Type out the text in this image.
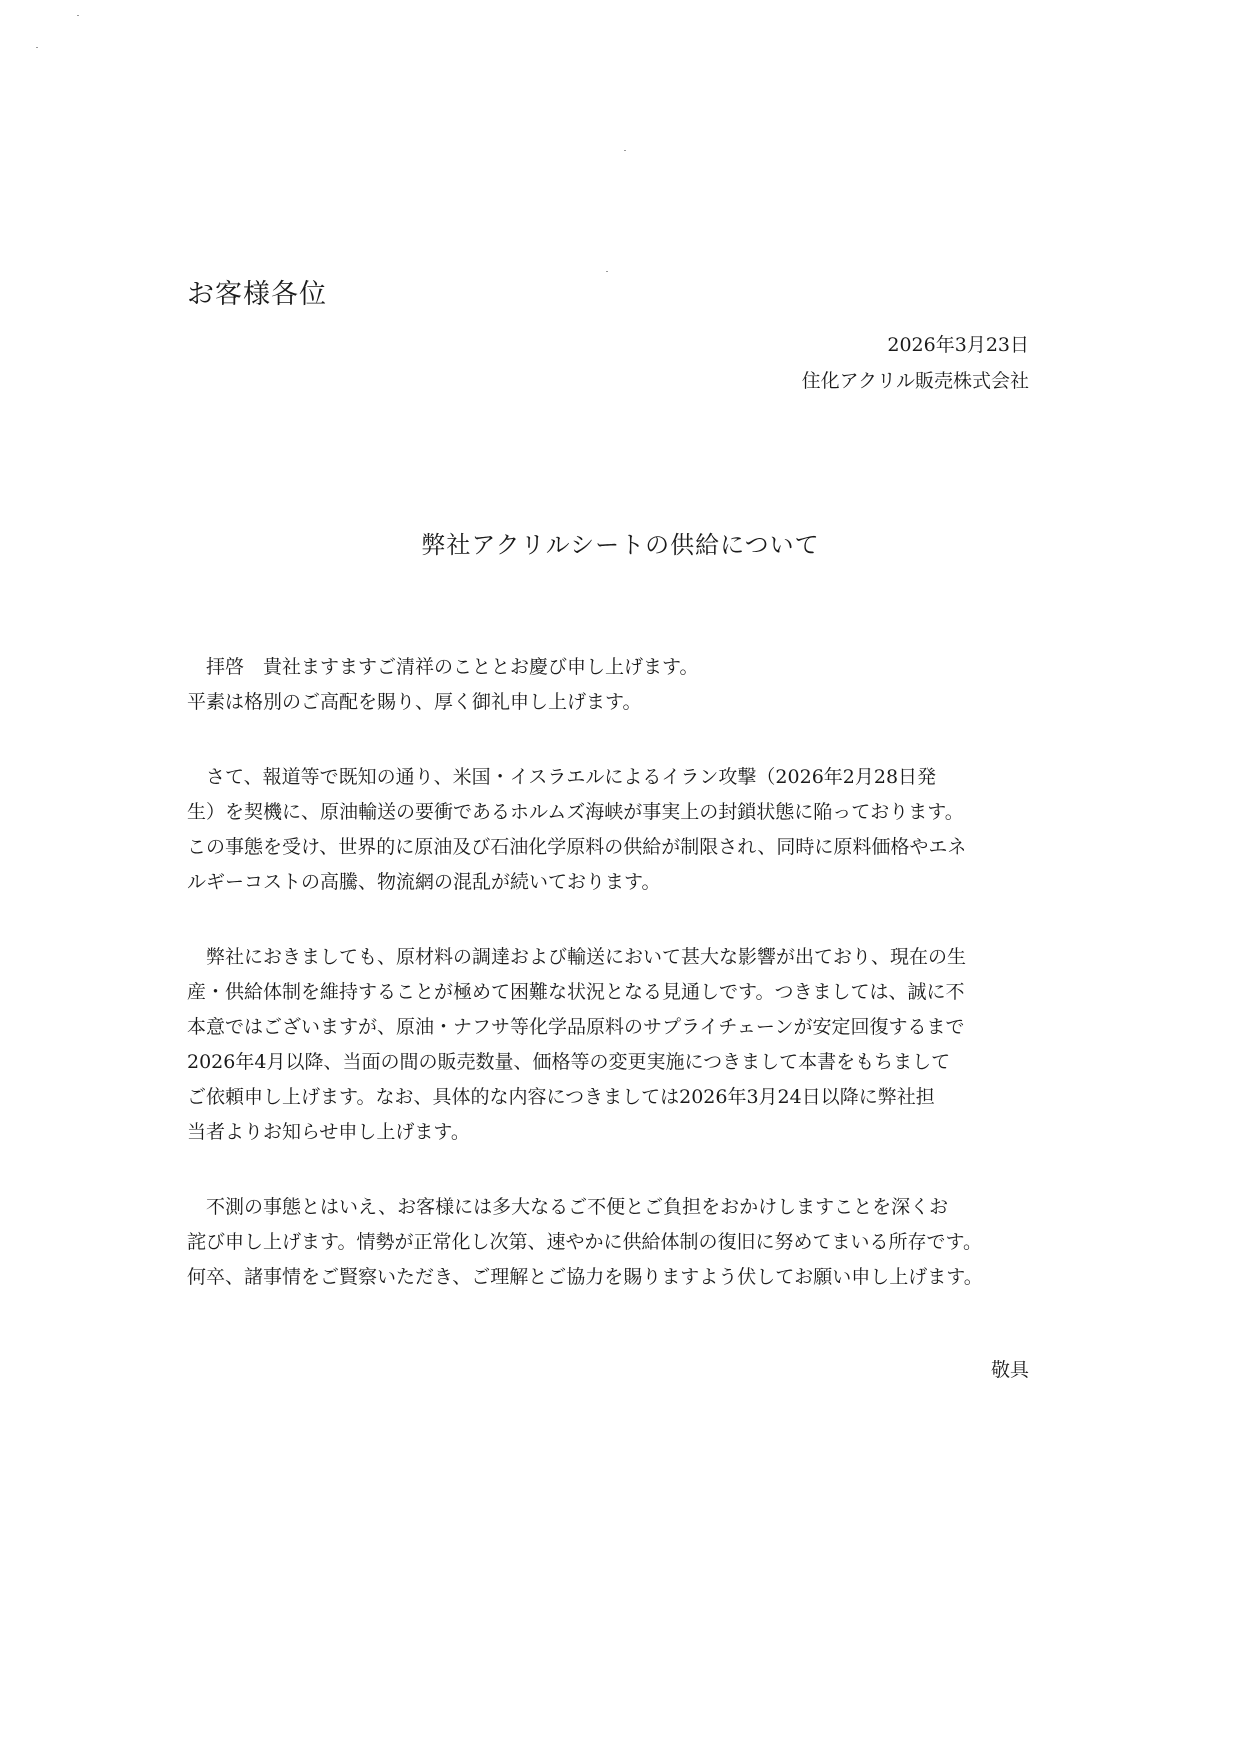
お客様各位

2026年3月23日

住化アクリル販売株式会社

弊社アクリルシートの供給について

　拝啓　貴社ますますご清祥のこととお慶び申し上げます。
平素は格別のご高配を賜り、厚く御礼申し上げます。

　さて、報道等で既知の通り、米国・イスラエルによるイラン攻撃（2026年2月28日発
生）を契機に、原油輸送の要衝であるホルムズ海峡が事実上の封鎖状態に陥っております。
この事態を受け、世界的に原油及び石油化学原料の供給が制限され、同時に原料価格やエネ
ルギーコストの高騰、物流網の混乱が続いております。

　弊社におきましても、原材料の調達および輸送において甚大な影響が出ており、現在の生
産・供給体制を維持することが極めて困難な状況となる見通しです。つきましては、誠に不
本意ではございますが、原油・ナフサ等化学品原料のサプライチェーンが安定回復するまで
2026年4月以降、当面の間の販売数量、価格等の変更実施につきまして本書をもちまして
ご依頼申し上げます。なお、具体的な内容につきましては2026年3月24日以降に弊社担
当者よりお知らせ申し上げます。

　不測の事態とはいえ、お客様には多大なるご不便とご負担をおかけしますことを深くお
詫び申し上げます。情勢が正常化し次第、速やかに供給体制の復旧に努めてまいる所存です。
何卒、諸事情をご賢察いただき、ご理解とご協力を賜りますよう伏してお願い申し上げます。

敬具
